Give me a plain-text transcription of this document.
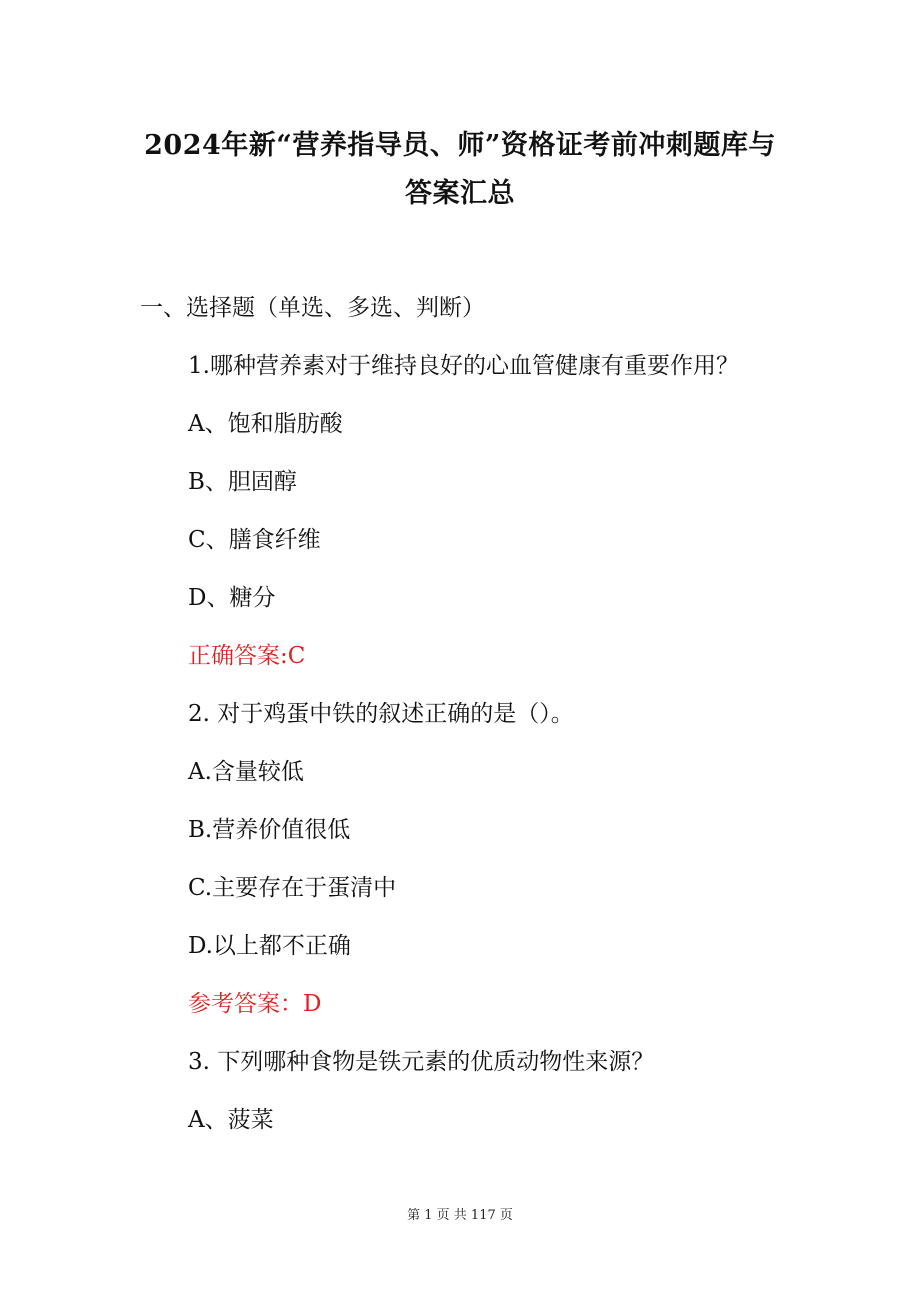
2024年新“营养指导员、师”资格证考前冲刺题库与
答案汇总
一、选择题（单选、多选、判断）
1.哪种营养素对于维持良好的心血管健康有重要作用？
A、饱和脂肪酸
B、胆固醇
C、膳食纤维
D、糖分
正确答案:C
2. 对于鸡蛋中铁的叙述正确的是（）。
A.含量较低
B.营养价值很低
C.主要存在于蛋清中
D.以上都不正确
参考答案：D
3. 下列哪种食物是铁元素的优质动物性来源？
A、菠菜
第 1 页 共 117 页
